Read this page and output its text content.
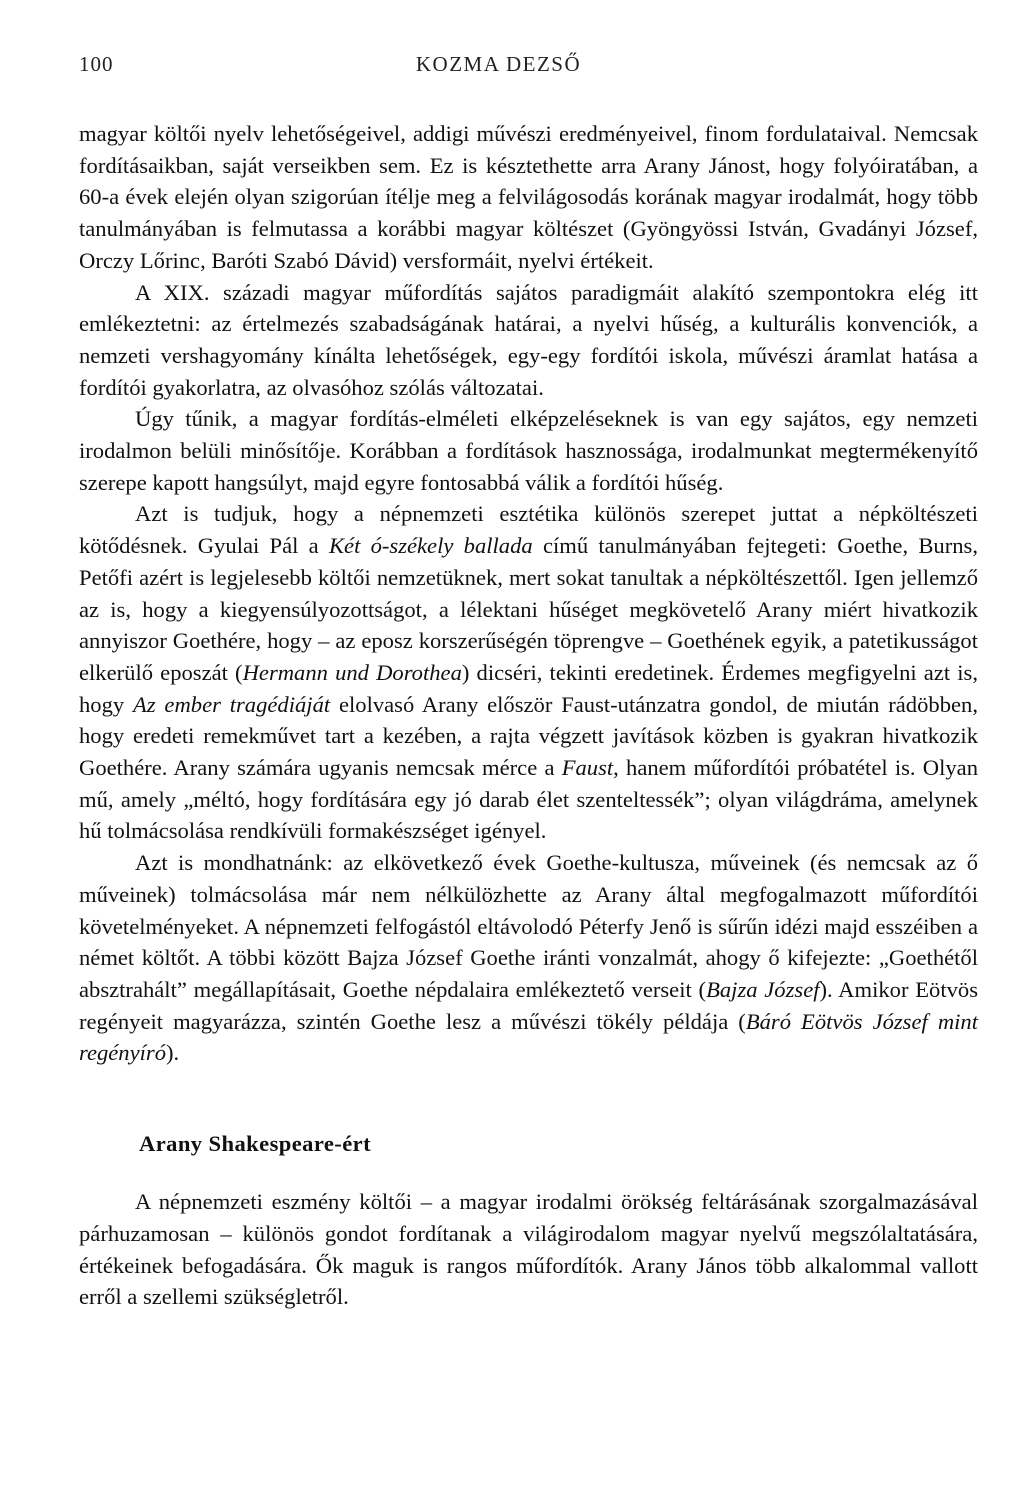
100	KOZMA DEZSŐ

magyar költői nyelv lehetőségeivel, addigi művészi eredményeivel, finom fordulataival. Nemcsak fordításaikban, saját verseikben sem. Ez is késztethette arra Arany Jánost, hogy folyóiratában, a 60-a évek elején olyan szigorúan ítélje meg a felvilágosodás korának magyar irodalmát, hogy több tanulmányában is felmutassa a korábbi magyar költészet (Gyöngyössi István, Gvadányi József, Orczy Lőrinc, Baróti Szabó Dávid) versformáit, nyelvi értékeit.

A XIX. századi magyar műfordítás sajátos paradigmáit alakító szempontokra elég itt emlékeztetni: az értelmezés szabadságának határai, a nyelvi hűség, a kulturális konvenciók, a nemzeti vershagyomány kínálta lehetőségek, egy-egy fordítói iskola, művészi áramlat hatása a fordítói gyakorlatra, az olvasóhoz szólás változatai.

Úgy tűnik, a magyar fordítás-elméleti elképzeléseknek is van egy sajátos, egy nemzeti irodalmon belüli minősítője. Korábban a fordítások hasznossága, irodalmunkat megtermékenyítő szerepe kapott hangsúlyt, majd egyre fontosabbá válik a fordítói hűség.

Azt is tudjuk, hogy a népnemzeti esztétika különös szerepet juttat a népköltészeti kötődésnek. Gyulai Pál a Két ó-székely ballada című tanulmányában fejtegeti: Goethe, Burns, Petőfi azért is legjelesebb költői nemzetüknek, mert sokat tanultak a népköltészettől. Igen jellemző az is, hogy a kiegyensúlyozottságot, a lélektani hűséget megkövetelő Arany miért hivatkozik annyiszor Goethére, hogy – az eposz korszerűségén töprengve – Goethének egyik, a patetikusságot elkerülő eposzát (Hermann und Dorothea) dicséri, tekinti eredetinek. Érdemes megfigyelni azt is, hogy Az ember tragédiáját elolvasó Arany először Faust-utánzatra gondol, de miután rádöbben, hogy eredeti remekművet tart a kezében, a rajta végzett javítások közben is gyakran hivatkozik Goethére. Arany számára ugyanis nemcsak mérce a Faust, hanem műfordítói próbatétel is. Olyan mű, amely „méltó, hogy fordítására egy jó darab élet szenteltessék”; olyan világdráma, amelynek hű tolmácsolása rendkívüli formakészséget igényel.

Azt is mondhatnánk: az elkövetkező évek Goethe-kultusza, műveinek (és nemcsak az ő műveinek) tolmácsolása már nem nélkülözhette az Arany által megfogalmazott műfordítói követelményeket. A népnemzeti felfogástól eltávolodó Péterfy Jenő is sűrűn idézi majd esszéiben a német költőt. A többi között Bajza József Goethe iránti vonzalmát, ahogy ő kifejezte: „Goethétől absztrahált” megállapításait, Goethe népdalaira emlékeztető verseit (Bajza József). Amikor Eötvös regényeit magyarázza, szintén Goethe lesz a művészi tökély példája (Báró Eötvös József mint regényíró).

Arany Shakespeare-ért

A népnemzeti eszmény költői – a magyar irodalmi örökség feltárásának szorgalmazásával párhuzamosan – különös gondot fordítanak a világirodalom magyar nyelvű megszólaltatására, értékeinek befogadására. Ők maguk is rangos műfordítók. Arany János több alkalommal vallott erről a szellemi szükségletről.
